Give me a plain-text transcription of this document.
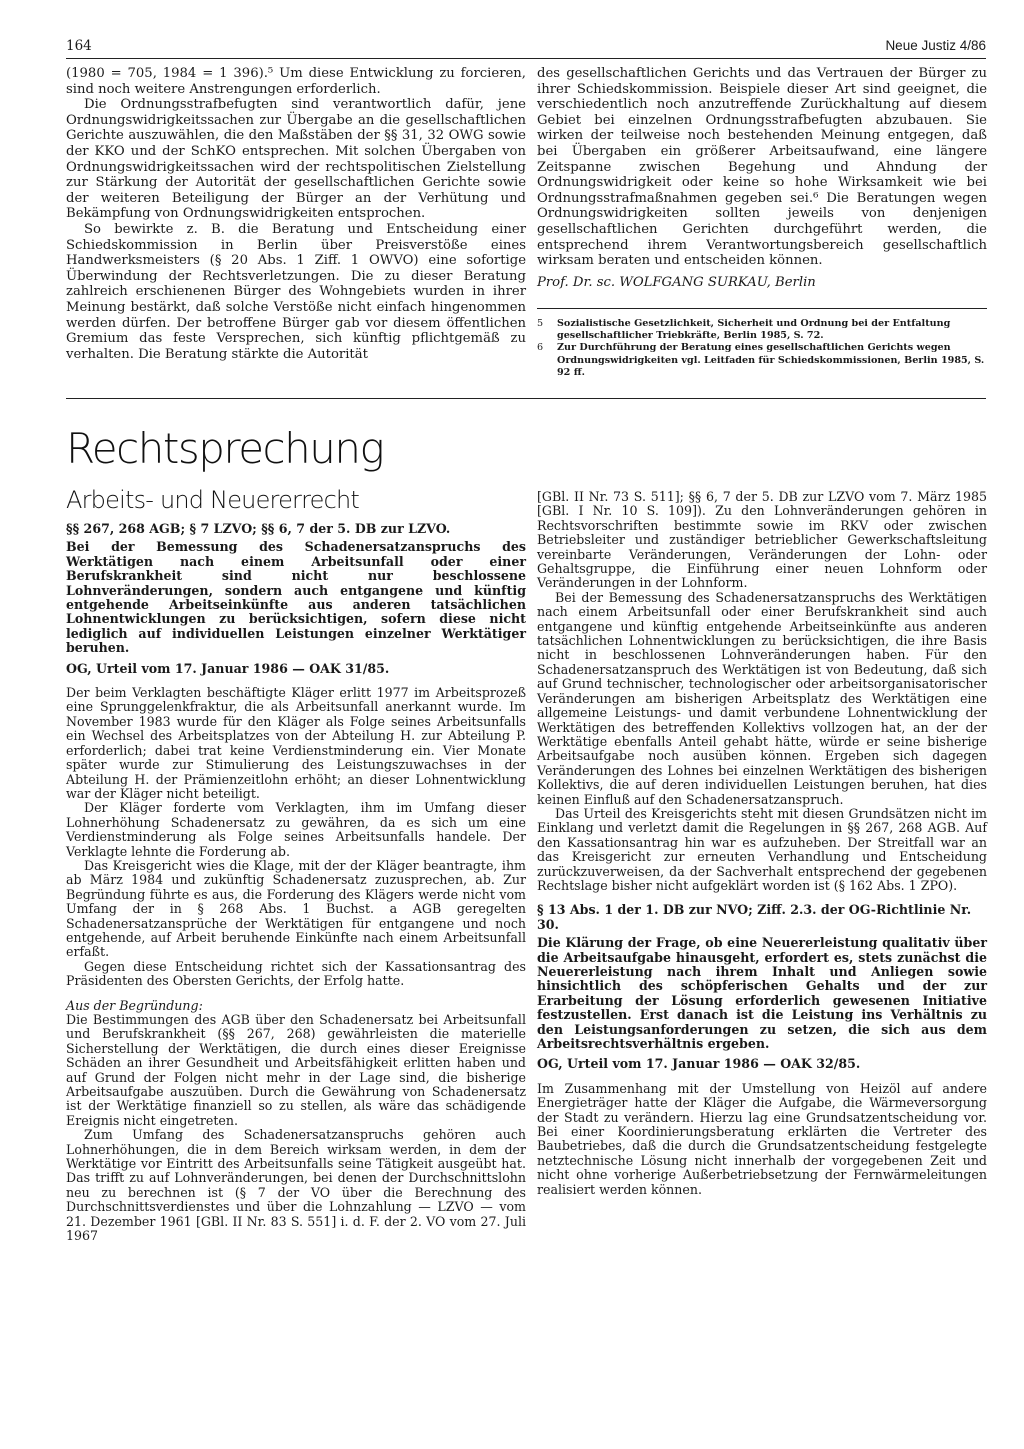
164	Neue Justiz 4/86

(1980 = 705, 1984 = 1 396).⁵ Um diese Entwicklung zu forcieren, sind noch weitere Anstrengungen erforderlich.

Die Ordnungsstrafbefugten sind verantwortlich dafür, jene Ordnungswidrigkeitssachen zur Übergabe an die gesellschaftlichen Gerichte auszuwählen, die den Maßstäben der §§ 31, 32 OWG sowie der KKO und der SchKO entsprechen. Mit solchen Übergaben von Ordnungswidrigkeitssachen wird der rechtspolitischen Zielstellung zur Stärkung der Autorität der gesellschaftlichen Gerichte sowie der weiteren Beteiligung der Bürger an der Verhütung und Bekämpfung von Ordnungswidrigkeiten entsprochen.

So bewirkte z. B. die Beratung und Entscheidung einer Schiedskommission in Berlin über Preisverstöße eines Handwerksmeisters (§ 20 Abs. 1 Ziff. 1 OWVO) eine sofortige Überwindung der Rechtsverletzungen. Die zu dieser Beratung zahlreich erschienenen Bürger des Wohngebiets wurden in ihrer Meinung bestärkt, daß solche Verstöße nicht einfach hingenommen werden dürfen. Der betroffene Bürger gab vor diesem öffentlichen Gremium das feste Versprechen, sich künftig pflichtgemäß zu verhalten. Die Beratung stärkte die Autorität

des gesellschaftlichen Gerichts und das Vertrauen der Bürger zu ihrer Schiedskommission. Beispiele dieser Art sind geeignet, die verschiedentlich noch anzutreffende Zurückhaltung auf diesem Gebiet bei einzelnen Ordnungsstrafbefugten abzubauen. Sie wirken der teilweise noch bestehenden Meinung entgegen, daß bei Übergaben ein größerer Arbeitsaufwand, eine längere Zeitspanne zwischen Begehung und Ahndung der Ordnungswidrigkeit oder keine so hohe Wirksamkeit wie bei Ordnungsstrafmaßnahmen gegeben sei.⁶ Die Beratungen wegen Ordnungswidrigkeiten sollten jeweils von denjenigen gesellschaftlichen Gerichten durchgeführt werden, die entsprechend ihrem Verantwortungsbereich gesellschaftlich wirksam beraten und entscheiden können.

Prof. Dr. sc. WOLFGANG SURKAU, Berlin

5 Sozialistische Gesetzlichkeit, Sicherheit und Ordnung bei der Entfaltung gesellschaftlicher Triebkräfte, Berlin 1985, S. 72.

6 Zur Durchführung der Beratung eines gesellschaftlichen Gerichts wegen Ordnungswidrigkeiten vgl. Leitfaden für Schiedskommissionen, Berlin 1985, S. 92 ff.

Rechtsprechung
Arbeits- und Neuererrecht

§§ 267, 268 AGB; § 7 LZVO; §§ 6, 7 der 5. DB zur LZVO.

Bei der Bemessung des Schadenersatzanspruchs des Werktätigen nach einem Arbeitsunfall oder einer Berufskrankheit sind nicht nur beschlossene Lohnveränderungen, sondern auch entgangene und künftig entgehende Arbeitseinkünfte aus anderen tatsächlichen Lohnentwicklungen zu berücksichtigen, sofern diese nicht lediglich auf individuellen Leistungen einzelner Werktätiger beruhen.

OG, Urteil vom 17. Januar 1986 — OAK 31/85.

Der beim Verklagten beschäftigte Kläger erlitt 1977 im Arbeitsprozeß eine Sprunggelenkfraktur, die als Arbeitsunfall anerkannt wurde. Im November 1983 wurde für den Kläger als Folge seines Arbeitsunfalls ein Wechsel des Arbeitsplatzes von der Abteilung H. zur Abteilung P. erforderlich; dabei trat keine Verdienstminderung ein. Vier Monate später wurde zur Stimulierung des Leistungszuwachses in der Abteilung H. der Prämienzeitlohn erhöht; an dieser Lohnentwicklung war der Kläger nicht beteiligt.

Der Kläger forderte vom Verklagten, ihm im Umfang dieser Lohnerhöhung Schadenersatz zu gewähren, da es sich um eine Verdienstminderung als Folge seines Arbeitsunfalls handele. Der Verklagte lehnte die Forderung ab.

Das Kreisgericht wies die Klage, mit der der Kläger beantragte, ihm ab März 1984 und zukünftig Schadenersatz zuzusprechen, ab. Zur Begründung führte es aus, die Forderung des Klägers werde nicht vom Umfang der in § 268 Abs. 1 Buchst. a AGB geregelten Schadenersatzansprüche der Werktätigen für entgangene und noch entgehende, auf Arbeit beruhende Einkünfte nach einem Arbeitsunfall erfaßt.

Gegen diese Entscheidung richtet sich der Kassationsantrag des Präsidenten des Obersten Gerichts, der Erfolg hatte.

Aus der Begründung:

Die Bestimmungen des AGB über den Schadenersatz bei Arbeitsunfall und Berufskrankheit (§§ 267, 268) gewährleisten die materielle Sicherstellung der Werktätigen, die durch eines dieser Ereignisse Schäden an ihrer Gesundheit und Arbeitsfähigkeit erlitten haben und auf Grund der Folgen nicht mehr in der Lage sind, die bisherige Arbeitsaufgabe auszuüben. Durch die Gewährung von Schadenersatz ist der Werktätige finanziell so zu stellen, als wäre das schädigende Ereignis nicht eingetreten.

Zum Umfang des Schadenersatzanspruchs gehören auch Lohnerhöhungen, die in dem Bereich wirksam werden, in dem der Werktätige vor Eintritt des Arbeitsunfalls seine Tätigkeit ausgeübt hat. Das trifft zu auf Lohnveränderungen, bei denen der Durchschnittslohn neu zu berechnen ist (§ 7 der VO über die Berechnung des Durchschnittsverdienstes und über die Lohnzahlung — LZVO — vom 21. Dezember 1961 [GBl. II Nr. 83 S. 551] i. d. F. der 2. VO vom 27. Juli 1967

[GBl. II Nr. 73 S. 511]; §§ 6, 7 der 5. DB zur LZVO vom 7. März 1985 [GBl. I Nr. 10 S. 109]). Zu den Lohnveränderungen gehören in Rechtsvorschriften bestimmte sowie im RKV oder zwischen Betriebsleiter und zuständiger betrieblicher Gewerkschaftsleitung vereinbarte Veränderungen, Veränderungen der Lohn- oder Gehaltsgruppe, die Einführung einer neuen Lohnform oder Veränderungen in der Lohnform.

Bei der Bemessung des Schadenersatzanspruchs des Werktätigen nach einem Arbeitsunfall oder einer Berufskrankheit sind auch entgangene und künftig entgehende Arbeitseinkünfte aus anderen tatsächlichen Lohnentwicklungen zu berücksichtigen, die ihre Basis nicht in beschlossenen Lohnveränderungen haben. Für den Schadenersatzanspruch des Werktätigen ist von Bedeutung, daß sich auf Grund technischer, technologischer oder arbeitsorganisatorischer Veränderungen am bisherigen Arbeitsplatz des Werktätigen eine allgemeine Leistungs- und damit verbundene Lohnentwicklung der Werktätigen des betreffenden Kollektivs vollzogen hat, an der der Werktätige ebenfalls Anteil gehabt hätte, würde er seine bisherige Arbeitsaufgabe noch ausüben können. Ergeben sich dagegen Veränderungen des Lohnes bei einzelnen Werktätigen des bisherigen Kollektivs, die auf deren individuellen Leistungen beruhen, hat dies keinen Einfluß auf den Schadenersatzanspruch.

Das Urteil des Kreisgerichts steht mit diesen Grundsätzen nicht im Einklang und verletzt damit die Regelungen in §§ 267, 268 AGB. Auf den Kassationsantrag hin war es aufzuheben. Der Streitfall war an das Kreisgericht zur erneuten Verhandlung und Entscheidung zurückzuverweisen, da der Sachverhalt entsprechend der gegebenen Rechtslage bisher nicht aufgeklärt worden ist (§ 162 Abs. 1 ZPO).

§ 13 Abs. 1 der 1. DB zur NVO; Ziff. 2.3. der OG-Richtlinie Nr. 30.

Die Klärung der Frage, ob eine Neuererleistung qualitativ über die Arbeitsaufgabe hinausgeht, erfordert es, stets zunächst die Neuererleistung nach ihrem Inhalt und Anliegen sowie hinsichtlich des schöpferischen Gehalts und der zur Erarbeitung der Lösung erforderlich gewesenen Initiative festzustellen. Erst danach ist die Leistung ins Verhältnis zu den Leistungsanforderungen zu setzen, die sich aus dem Arbeitsrechtsverhältnis ergeben.

OG, Urteil vom 17. Januar 1986 — OAK 32/85.

Im Zusammenhang mit der Umstellung von Heizöl auf andere Energieträger hatte der Kläger die Aufgabe, die Wärmeversorgung der Stadt zu verändern. Hierzu lag eine Grundsatzentscheidung vor. Bei einer Koordinierungsberatung erklärten die Vertreter des Baubetriebes, daß die durch die Grundsatzentscheidung festgelegte netztechnische Lösung nicht innerhalb der vorgegebenen Zeit und nicht ohne vorherige Außerbetriebsetzung der Fernwärmeleitungen realisiert werden können.
